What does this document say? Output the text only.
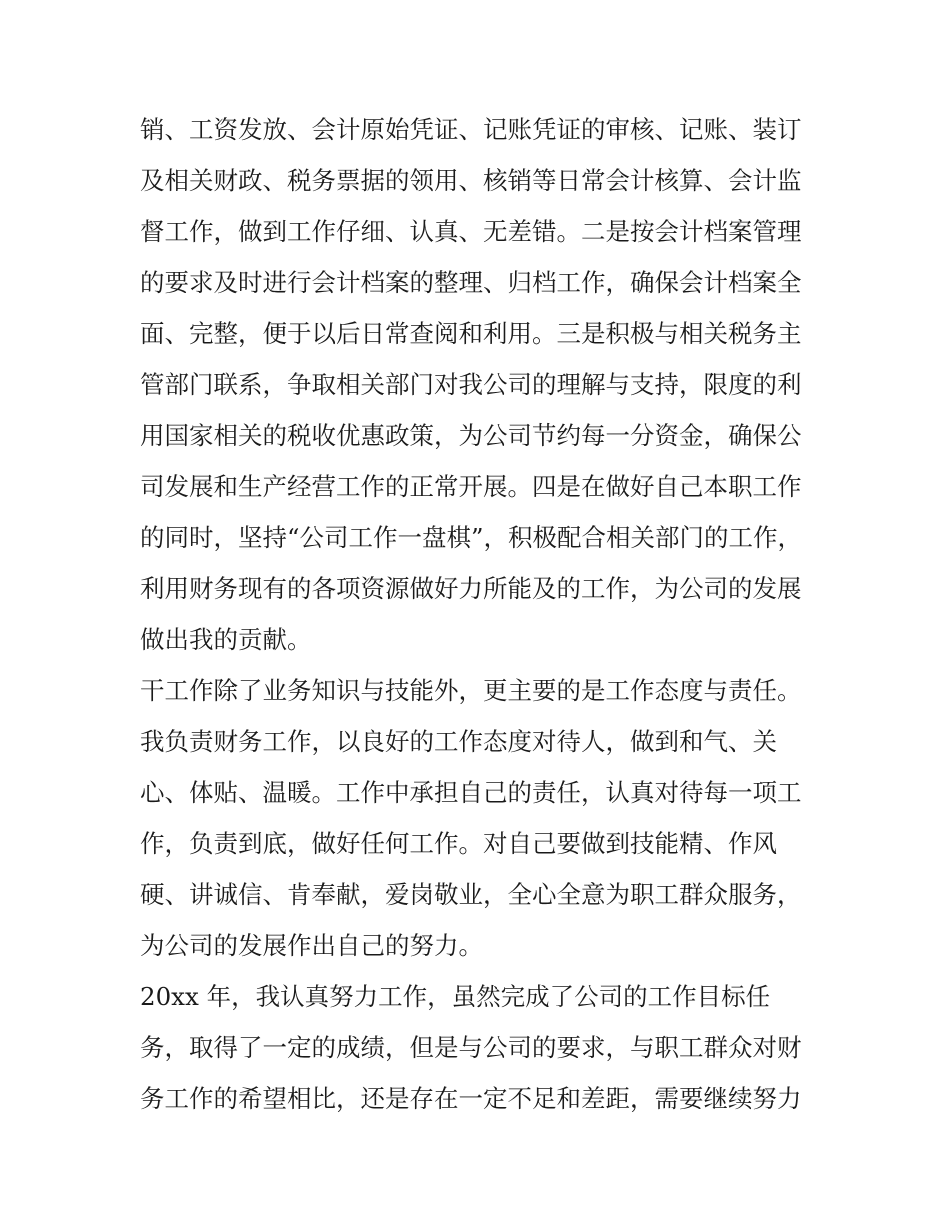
销、工资发放、会计原始凭证、记账凭证的审核、记账、装订
及相关财政、税务票据的领用、核销等日常会计核算、会计监
督工作，做到工作仔细、认真、无差错。二是按会计档案管理
的要求及时进行会计档案的整理、归档工作，确保会计档案全
面、完整，便于以后日常查阅和利用。三是积极与相关税务主
管部门联系，争取相关部门对我公司的理解与支持，限度的利
用国家相关的税收优惠政策，为公司节约每一分资金，确保公
司发展和生产经营工作的正常开展。四是在做好自己本职工作
的同时，坚持“公司工作一盘棋”，积极配合相关部门的工作，
利用财务现有的各项资源做好力所能及的工作，为公司的发展
做出我的贡献。
干工作除了业务知识与技能外，更主要的是工作态度与责任。
我负责财务工作，以良好的工作态度对待人，做到和气、关
心、体贴、温暖。工作中承担自己的责任，认真对待每一项工
作，负责到底，做好任何工作。对自己要做到技能精、作风
硬、讲诚信、肯奉献，爱岗敬业，全心全意为职工群众服务，
为公司的发展作出自己的努力。
20xx 年，我认真努力工作，虽然完成了公司的工作目标任
务，取得了一定的成绩，但是与公司的要求，与职工群众对财
务工作的希望相比，还是存在一定不足和差距，需要继续努力
